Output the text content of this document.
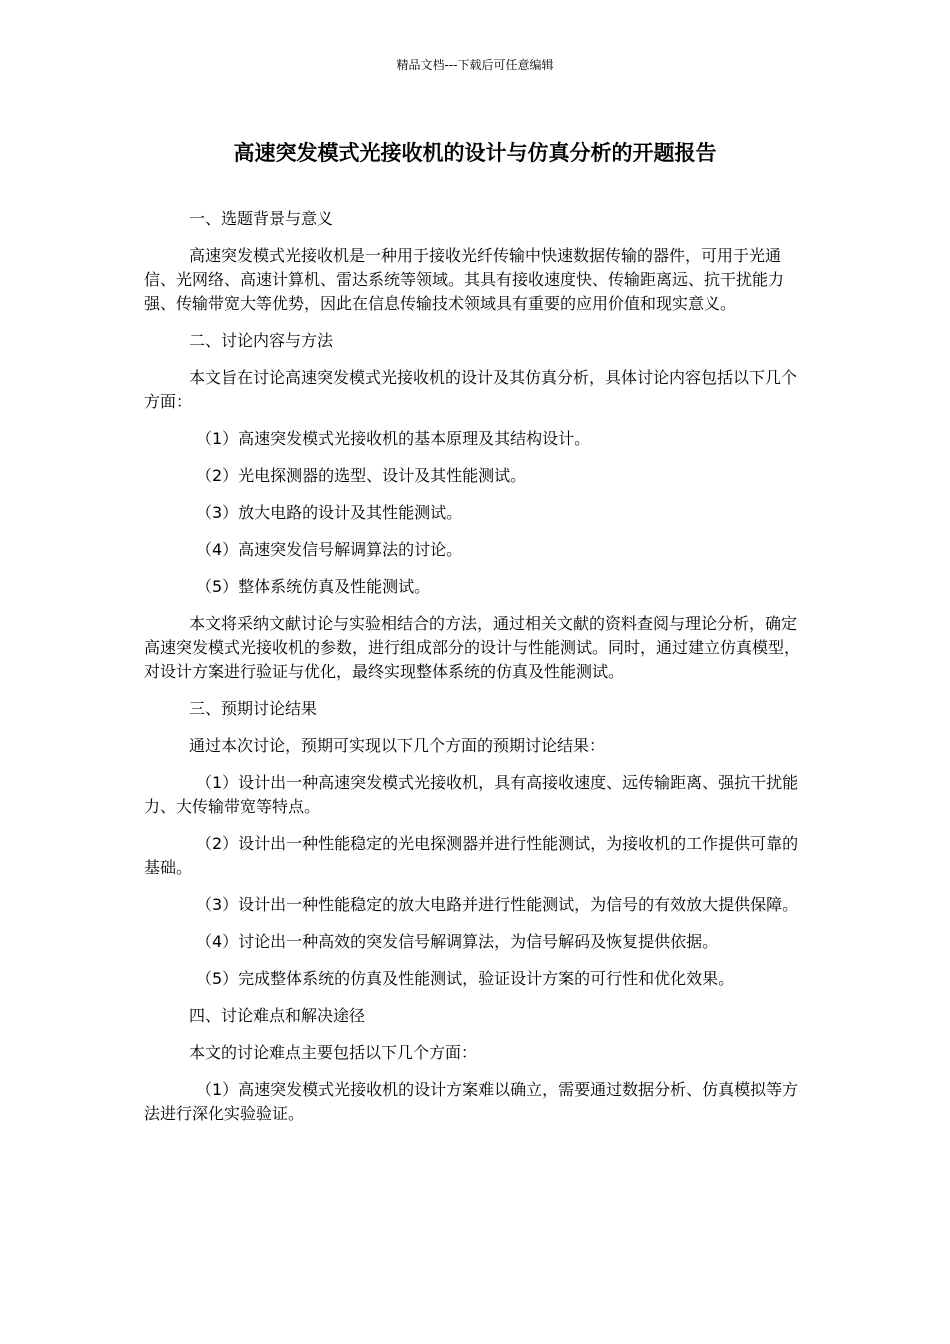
精品文档---下载后可任意编辑
高速突发模式光接收机的设计与仿真分析的开题报告

一、选题背景与意义

高速突发模式光接收机是一种用于接收光纤传输中快速数据传输的器件，可用于光通信、光网络、高速计算机、雷达系统等领域。其具有接收速度快、传输距离远、抗干扰能力强、传输带宽大等优势，因此在信息传输技术领域具有重要的应用价值和现实意义。

二、讨论内容与方法

本文旨在讨论高速突发模式光接收机的设计及其仿真分析，具体讨论内容包括以下几个方面：

（1）高速突发模式光接收机的基本原理及其结构设计。

（2）光电探测器的选型、设计及其性能测试。

（3）放大电路的设计及其性能测试。

（4）高速突发信号解调算法的讨论。

（5）整体系统仿真及性能测试。

本文将采纳文献讨论与实验相结合的方法，通过相关文献的资料查阅与理论分析，确定高速突发模式光接收机的参数，进行组成部分的设计与性能测试。同时，通过建立仿真模型，对设计方案进行验证与优化，最终实现整体系统的仿真及性能测试。

三、预期讨论结果

通过本次讨论，预期可实现以下几个方面的预期讨论结果：

（1）设计出一种高速突发模式光接收机，具有高接收速度、远传输距离、强抗干扰能力、大传输带宽等特点。

（2）设计出一种性能稳定的光电探测器并进行性能测试，为接收机的工作提供可靠的基础。

（3）设计出一种性能稳定的放大电路并进行性能测试，为信号的有效放大提供保障。

（4）讨论出一种高效的突发信号解调算法，为信号解码及恢复提供依据。

（5）完成整体系统的仿真及性能测试，验证设计方案的可行性和优化效果。

四、讨论难点和解决途径

本文的讨论难点主要包括以下几个方面：

（1）高速突发模式光接收机的设计方案难以确立，需要通过数据分析、仿真模拟等方法进行深化实验验证。
